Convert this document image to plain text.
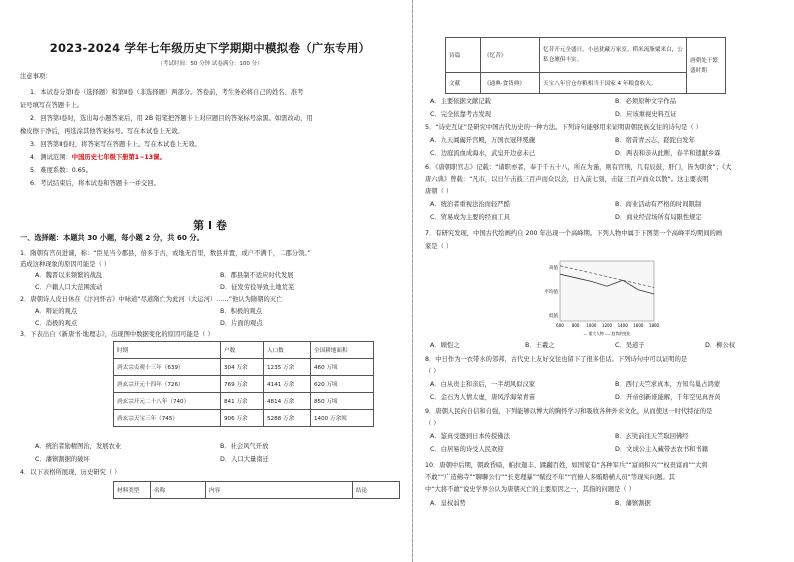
2023-2024 学年七年级历史下学期期中模拟卷（广东专用）
（考试时间：50 分钟 试卷满分：100 分）
注意事项：
1．本试卷分第Ⅰ卷（选择题）和第Ⅱ卷（非选择题）两部分。答卷前，考生务必将自己的姓名、准考
证号填写在答题卡上。
2．回答第Ⅰ卷时，选出每小题答案后，用 2B 铅笔把答题卡上对应题目的答案标号涂黑。如需改动，用
橡皮擦干净后，再选涂其他答案标号。写在本试卷上无效。
3．回答第Ⅱ卷时，将答案写在答题卡上。写在本试卷上无效。
4．测试范围：中国历史七年级下册第1~13课。
5．难度系数：0.65。
6．考试结束后，将本试卷和答题卡一并交回。
第 Ⅰ 卷
一、选择题：本题共 30 小题，每小题 2 分，共 60 分。
1．隋朝有宫员进谏，称：“臣见当今郡县，倍多于古，或地无百里，数县并置，或户不满千，二郡分领。”
造成这种现象的原因可能是（ ）
A．魏晋以来频繁的战乱	B．郡县制不适应时代发展
C．户籍人口大范围流动	D．征发劳役导致土地荒芜
2．唐朝诗人皮日休在《汴河怀古》中咏道“尽道隋亡为此河（大运河）……”他认为隋朝的灭亡
A．辩证的观点	B．积极的观点
C．消极的观点	D．片面的观点
3．下表出自《新唐书·地理志》，出现图中数据变化的原因可能是（ ）
时期	户数	人口数	全国耕地面积
唐太宗贞观十三年（639）	304 万余	1235 万余	460 万顷
唐玄宗开元十四年（726）	769 万余	4141 万余	620 万顷
唐玄宗开元二十八年（740）	841 万余	4814 万余	850 万顷
唐玄宗天宝三年（745）	906 万余	5288 万余	1400 万余顷
A．统治者励精图治，发展农业	B．社会风气开放
C．藩镇割据的破坏	D．人口大量南迁
4．以下表格所展现，历史研究（ ）
材料类型	名称	内容	结论
诗篇	《忆昔》	忆昔开元全盛日，小邑犹藏万家室。稻米流脂粟米白，公私仓廪俱丰实。	唐朝处于繁盛时期
文献	《通典·食货典》	天宝八年官仓存粮相当于国家 4 年粮食收入。	
A．主要依据文献记载	B．必须原种文字作品
C．完全依靠考古发现	D．应该重视史料互证
5．“诗史互证”是研究中国古代历史的一种方法。下列诗句能够用来证明唐朝民族交往的诗句是（ ）
A．九天阊阖开宫殿，万国衣冠拜冕旒	B．宿昔青云志，蹉跎白发年
C．边庭流血成海水，武皇开边意未已	D．两表和亲从此断，春半和遗献乡霖
6．《唐朝职官志》记载：“诸职亦者，奉于千五十八，所在为谨，则有官刑，几有辰鼓，肝门，皆为职食”；《大
唐六典》曾载：“凡市，以日午击鼓三百声而众以会，日入前七刻，击钲三百声而众以散”。这主要表明
唐朝（ ）
A．统治者重视法治而轻严酷	B．商业活动有严格的时间限制
C．贸易成为主要的经商工具	D．商业经营场所有局限性规定
7．有研究发现，中国古代绘画约自 200 年出现一个高峰期。下列人物中属于下图第一个高峰平均期间的画
家是（ ）
高值
平均值
低值
600 800 1000 1200 1400 1600 1800
— 重大人物 ---- 趋势的变化
A．顾恺之	B．王羲之	C．吴道子	D．柳公权
8．中日作为一衣带水的邻邦，古代史上友好交往也留下了很多佳话。下列诗句中可以证明的是
（ ）
A．白从贵主和亲后，一半胡风似汉家	B．西行天竺求真本，方知鸟巢占鸿蒙
C．金石为人情太虚，唐风浮海荣青苗	D．开帝创新谁能解，千年空见真吾黄
9．唐朝人民向自信和自强，下列能够以博大的胸怀学习和吸收各种外来文化，从而使这一时代特征的是
（ ）
A．鉴真受邀到日本传授佛法	B．玄奘前往天竺取回佛经
C．白居易的诗受人民欢迎	D．文成公主入藏带去农书和书籍
10．唐朝中后期，朝政昏暗，帕拉迦丰、蹂躏百姓，如国家有“各种军兵”“富商积兴”“权贵富商”“大将
不敢”“广造佛寺”“聊聊公行”“长吏理暴”“赋役不年”“官僚人多贿赂横人员”等现实问题。其
中“大将不敢”说史学界公认为唐朝灭亡的主要原因之一，其指的问题是（ ）
A．皇权弱势	B．藩镇割据
